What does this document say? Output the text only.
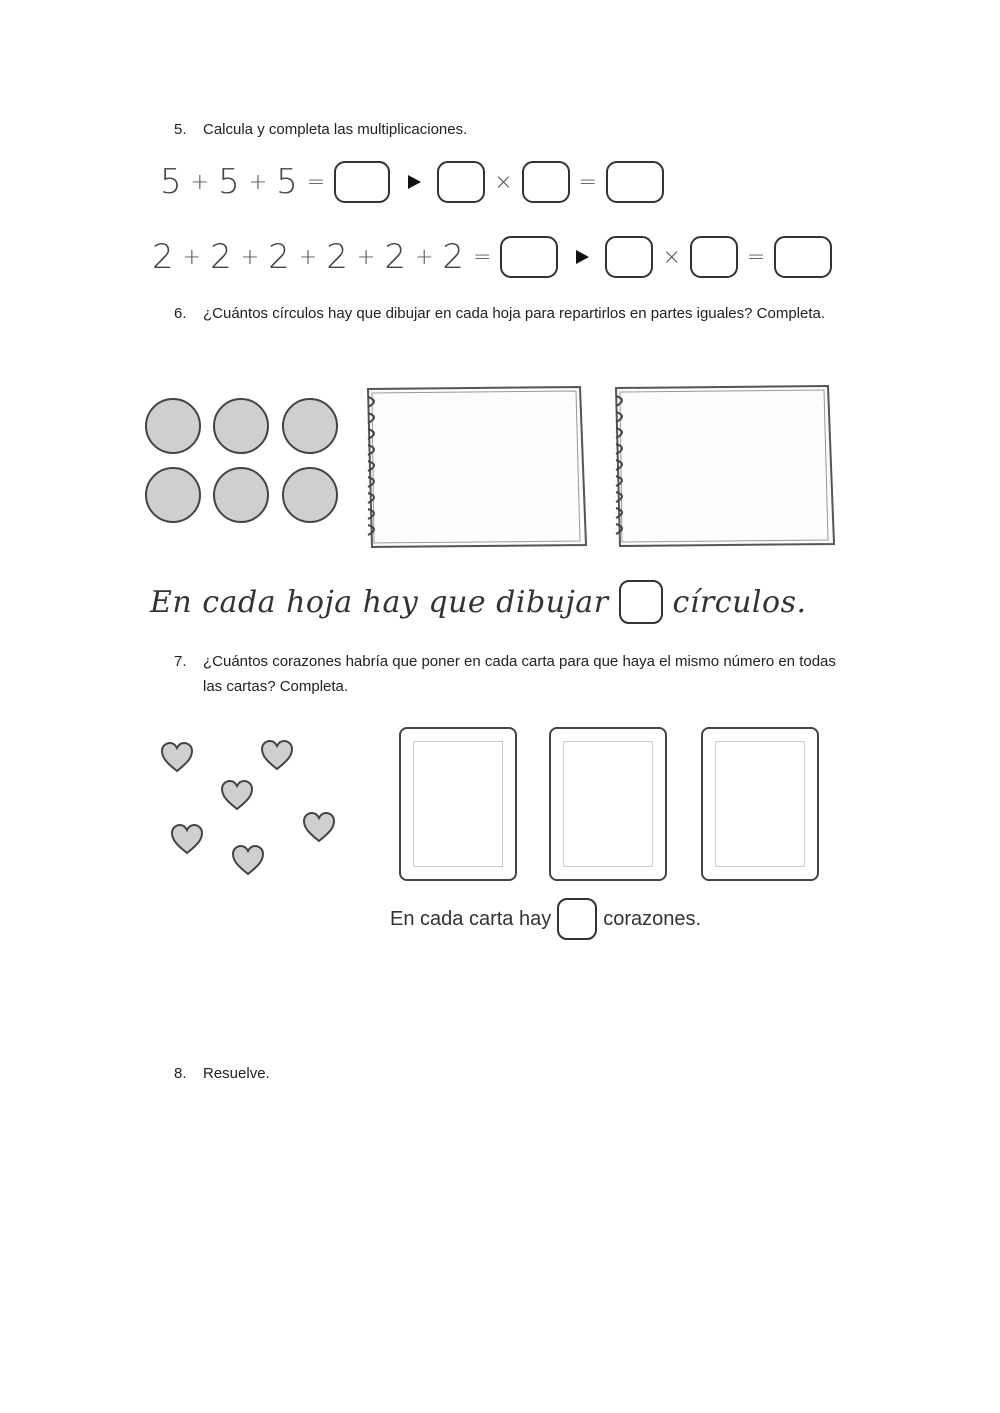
5.	Calcula y completa las multiplicaciones.
5 + 5 + 5 =	×	=
2 + 2 + 2 + 2 + 2 + 2 =	×	=
6.	¿Cuántos círculos hay que dibujar en cada hoja para repartirlos en partes iguales? Completa.
En cada hoja hay que dibujar círculos.
7.	¿Cuántos corazones habría que poner en cada carta para que haya el mismo número en todas las cartas? Completa.
En cada carta hay	corazones.
8.	Resuelve.
